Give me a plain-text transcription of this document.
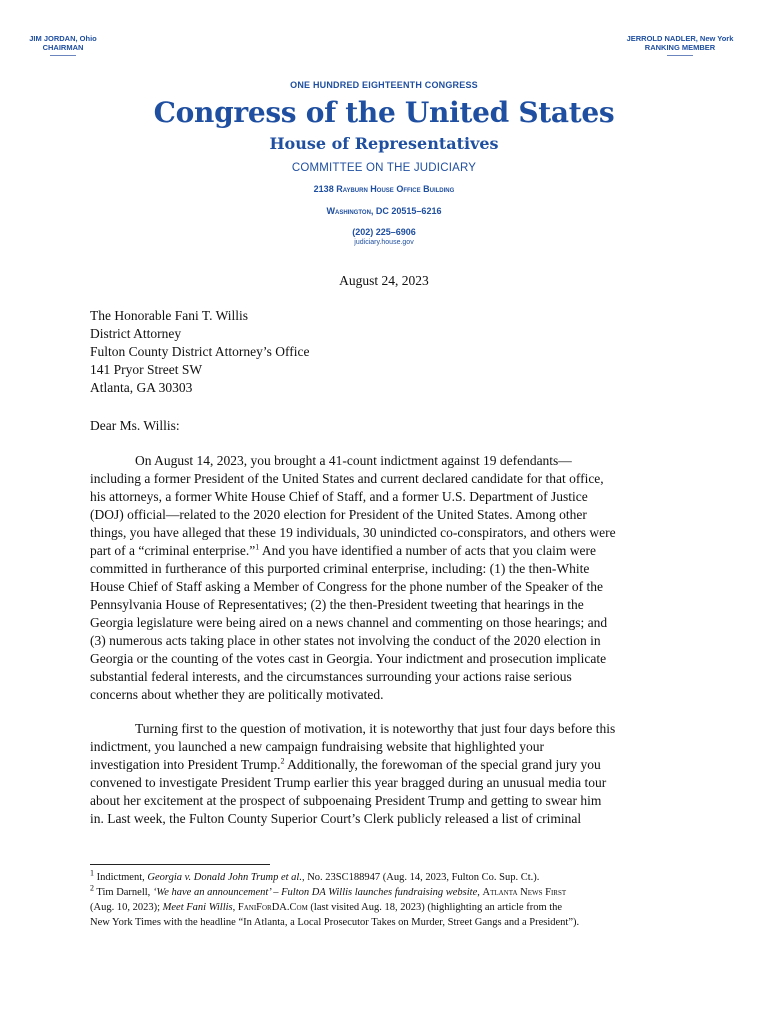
JIM JORDAN, Ohio
CHAIRMAN
JERROLD NADLER, New York
RANKING MEMBER
ONE HUNDRED EIGHTEENTH CONGRESS
Congress of the United States
House of Representatives
COMMITTEE ON THE JUDICIARY
2138 Rayburn House Office Building
Washington, DC 20515–6216
(202) 225–6906
judiciary.house.gov
August 24, 2023
The Honorable Fani T. Willis
District Attorney
Fulton County District Attorney’s Office
141 Pryor Street SW
Atlanta, GA 30303
Dear Ms. Willis:
On August 14, 2023, you brought a 41-count indictment against 19 defendants—
including a former President of the United States and current declared candidate for that office,
his attorneys, a former White House Chief of Staff, and a former U.S. Department of Justice
(DOJ) official—related to the 2020 election for President of the United States. Among other
things, you have alleged that these 19 individuals, 30 unindicted co-conspirators, and others were
part of a “criminal enterprise.”$^1$ And you have identified a number of acts that you claim were
committed in furtherance of this purported criminal enterprise, including: (1) the then-White
House Chief of Staff asking a Member of Congress for the phone number of the Speaker of the
Pennsylvania House of Representatives; (2) the then-President tweeting that hearings in the
Georgia legislature were being aired on a news channel and commenting on those hearings; and
(3) numerous acts taking place in other states not involving the conduct of the 2020 election in
Georgia or the counting of the votes cast in Georgia. Your indictment and prosecution implicate
substantial federal interests, and the circumstances surrounding your actions raise serious
concerns about whether they are politically motivated.
Turning first to the question of motivation, it is noteworthy that just four days before this
indictment, you launched a new campaign fundraising website that highlighted your
investigation into President Trump.$^2$ Additionally, the forewoman of the special grand jury you
convened to investigate President Trump earlier this year bragged during an unusual media tour
about her excitement at the prospect of subpoenaing President Trump and getting to swear him
in. Last week, the Fulton County Superior Court’s Clerk publicly released a list of criminal
$^1$ Indictment, Georgia v. Donald John Trump et al., No. 23SC188947 (Aug. 14, 2023, Fulton Co. Sup. Ct.).
$^2$ Tim Darnell, ‘We have an announcement’ – Fulton DA Willis launches fundraising website, Atlanta News First
(Aug. 10, 2023); Meet Fani Willis, FaniForDA.Com (last visited Aug. 18, 2023) (highlighting an article from the
New York Times with the headline “In Atlanta, a Local Prosecutor Takes on Murder, Street Gangs and a President”).
